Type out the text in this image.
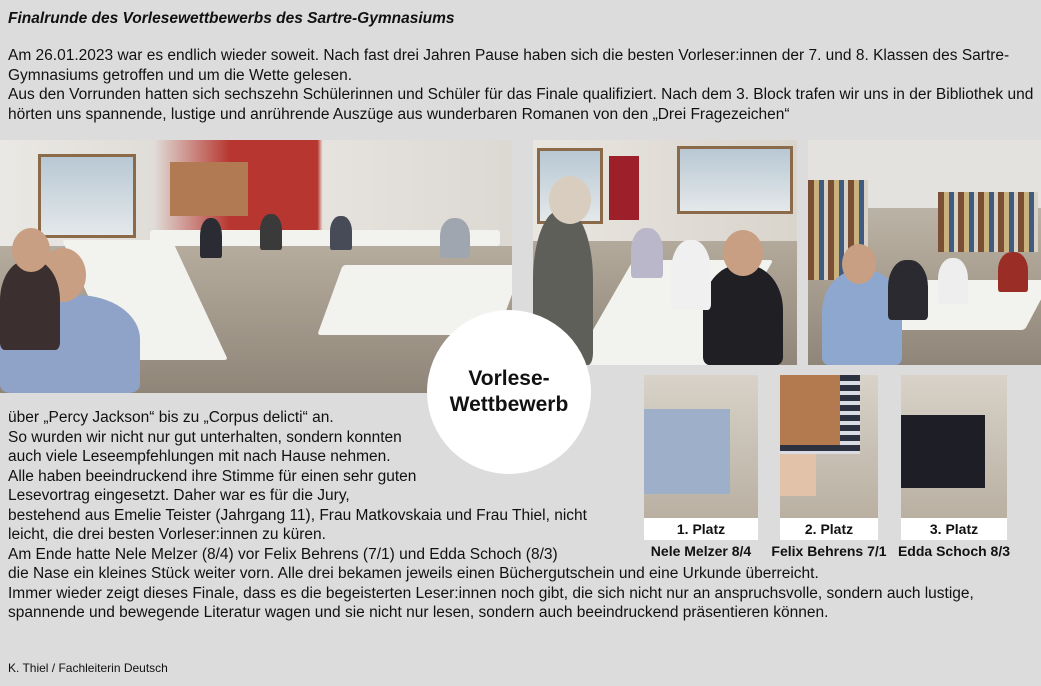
Finalrunde des Vorlesewettbewerbs des Sartre-Gymnasiums

Am 26.01.2023 war es endlich wieder soweit. Nach fast drei Jahren Pause haben sich die besten Vorleser:innen der 7. und 8. Klassen des Sartre-Gymnasiums getroffen und um die Wette gelesen.

Aus den Vorrunden hatten sich sechszehn Schülerinnen und Schüler für das Finale qualifiziert. Nach dem 3. Block trafen wir uns in der Bibliothek und hörten uns spannende, lustige und anrührende Auszüge aus wunderbaren Romanen von den „Drei Fragezeichen“

Vorlese-
Wettbewerb

über „Percy Jackson“ bis zu „Corpus delicti“ an.

So wurden wir nicht nur gut unterhalten, sondern konnten auch viele Leseempfehlungen mit nach Hause nehmen.

Alle haben beeindruckend ihre Stimme für einen sehr guten Lesevortrag eingesetzt. Daher war es für die Jury,

bestehend aus Emelie Teister (Jahrgang 11), Frau Matkovskaia und Frau Thiel, nicht leicht, die drei besten Vorleser:innen zu küren.

Am Ende hatte Nele Melzer (8/4) vor Felix Behrens (7/1) und Edda Schoch (8/3)

die Nase ein kleines Stück weiter vorn. Alle drei bekamen jeweils einen Büchergutschein und eine Urkunde überreicht.

Immer wieder zeigt dieses Finale, dass es die begeisterten Leser:innen noch gibt, die sich nicht nur an anspruchsvolle, sondern auch lustige, spannende und bewegende Literatur wagen und sie nicht nur lesen, sondern auch beeindruckend präsentieren können.

1. Platz
Nele Melzer 8/4
2. Platz
Felix Behrens 7/1
3. Platz
Edda Schoch 8/3
K. Thiel / Fachleiterin Deutsch
